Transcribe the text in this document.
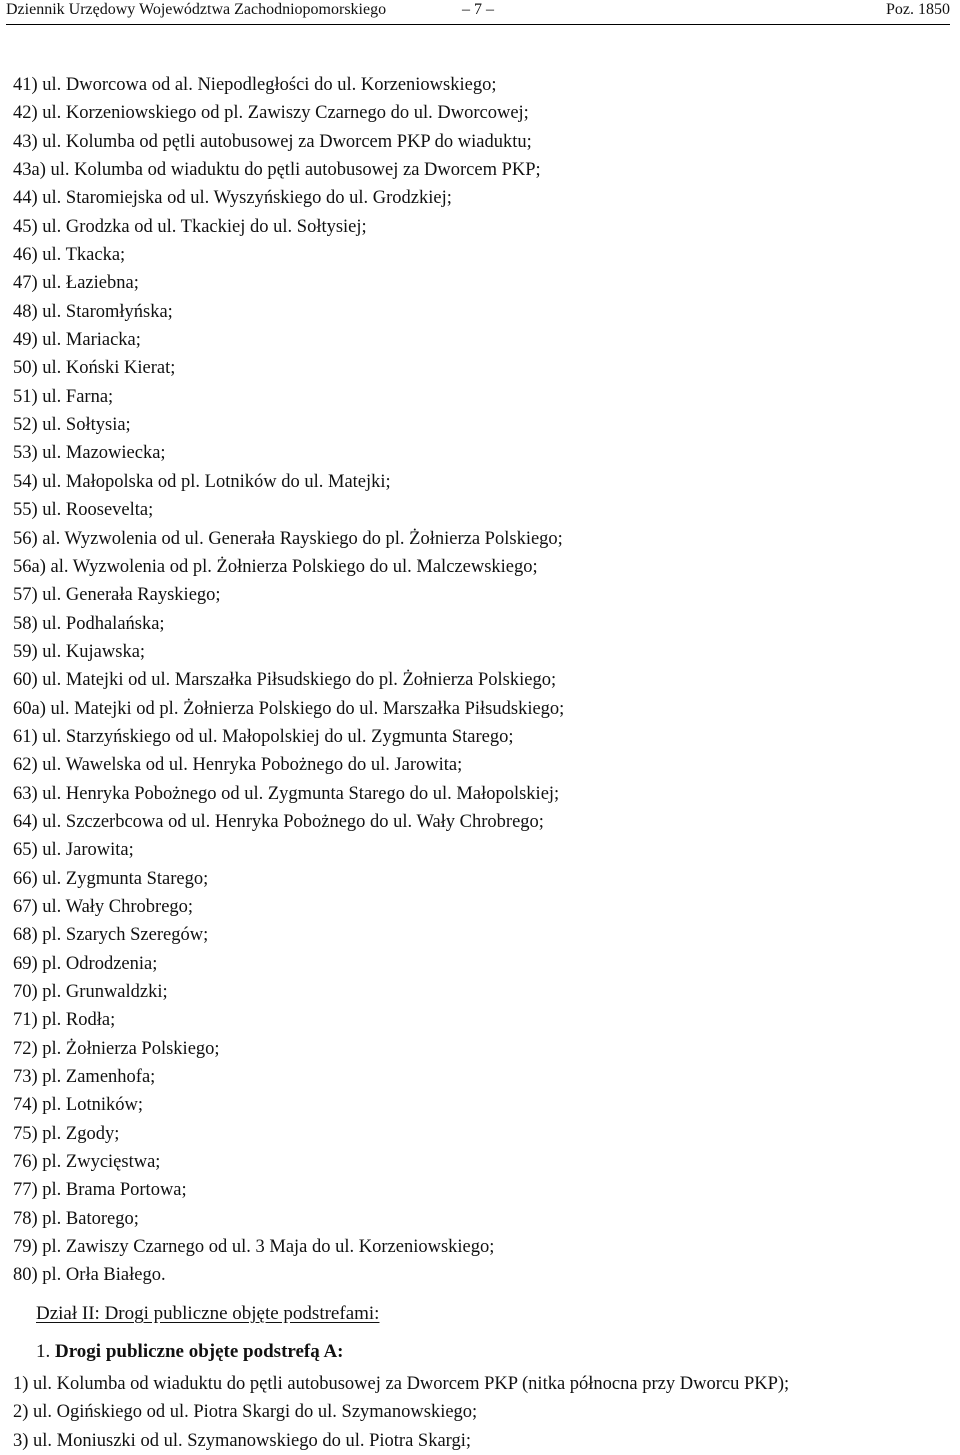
Dziennik Urzędowy Województwa Zachodniopomorskiego	– 7 –	Poz. 1850
41) ul. Dworcowa od al. Niepodległości do ul. Korzeniowskiego;
42) ul. Korzeniowskiego od pl. Zawiszy Czarnego do ul. Dworcowej;
43) ul. Kolumba od pętli autobusowej za Dworcem PKP do wiaduktu;
43a) ul. Kolumba od wiaduktu do pętli autobusowej za Dworcem PKP;
44) ul. Staromiejska od ul. Wyszyńskiego do ul. Grodzkiej;
45) ul. Grodzka od ul. Tkackiej do ul. Sołtysiej;
46) ul. Tkacka;
47) ul. Łaziebna;
48) ul. Staromłyńska;
49) ul. Mariacka;
50) ul. Koński Kierat;
51) ul. Farna;
52) ul. Sołtysia;
53) ul. Mazowiecka;
54) ul. Małopolska od pl. Lotników do ul. Matejki;
55) ul. Roosevelta;
56) al. Wyzwolenia od ul. Generała Rayskiego do pl. Żołnierza Polskiego;
56a) al. Wyzwolenia od pl. Żołnierza Polskiego do ul. Malczewskiego;
57) ul. Generała Rayskiego;
58) ul. Podhalańska;
59) ul. Kujawska;
60) ul. Matejki od ul. Marszałka Piłsudskiego do pl. Żołnierza Polskiego;
60a) ul. Matejki od pl. Żołnierza Polskiego do ul. Marszałka Piłsudskiego;
61) ul. Starzyńskiego od ul. Małopolskiej do ul. Zygmunta Starego;
62) ul. Wawelska od ul. Henryka Pobożnego do ul. Jarowita;
63) ul. Henryka Pobożnego od ul. Zygmunta Starego do ul. Małopolskiej;
64) ul. Szczerbcowa od ul. Henryka Pobożnego do ul. Wały Chrobrego;
65) ul. Jarowita;
66) ul. Zygmunta Starego;
67) ul. Wały Chrobrego;
68) pl. Szarych Szeregów;
69) pl. Odrodzenia;
70) pl. Grunwaldzki;
71) pl. Rodła;
72) pl. Żołnierza Polskiego;
73) pl. Zamenhofa;
74) pl. Lotników;
75) pl. Zgody;
76) pl. Zwycięstwa;
77) pl. Brama Portowa;
78) pl. Batorego;
79) pl. Zawiszy Czarnego od ul. 3 Maja do ul. Korzeniowskiego;
80) pl. Orła Białego.
Dział II: Drogi publiczne objęte podstrefami:
1. Drogi publiczne objęte podstrefą A:
1) ul. Kolumba od wiaduktu do pętli autobusowej za Dworcem PKP (nitka północna przy Dworcu PKP);
2) ul. Ogińskiego od ul. Piotra Skargi do ul. Szymanowskiego;
3) ul. Moniuszki od ul. Szymanowskiego do ul. Piotra Skargi;
